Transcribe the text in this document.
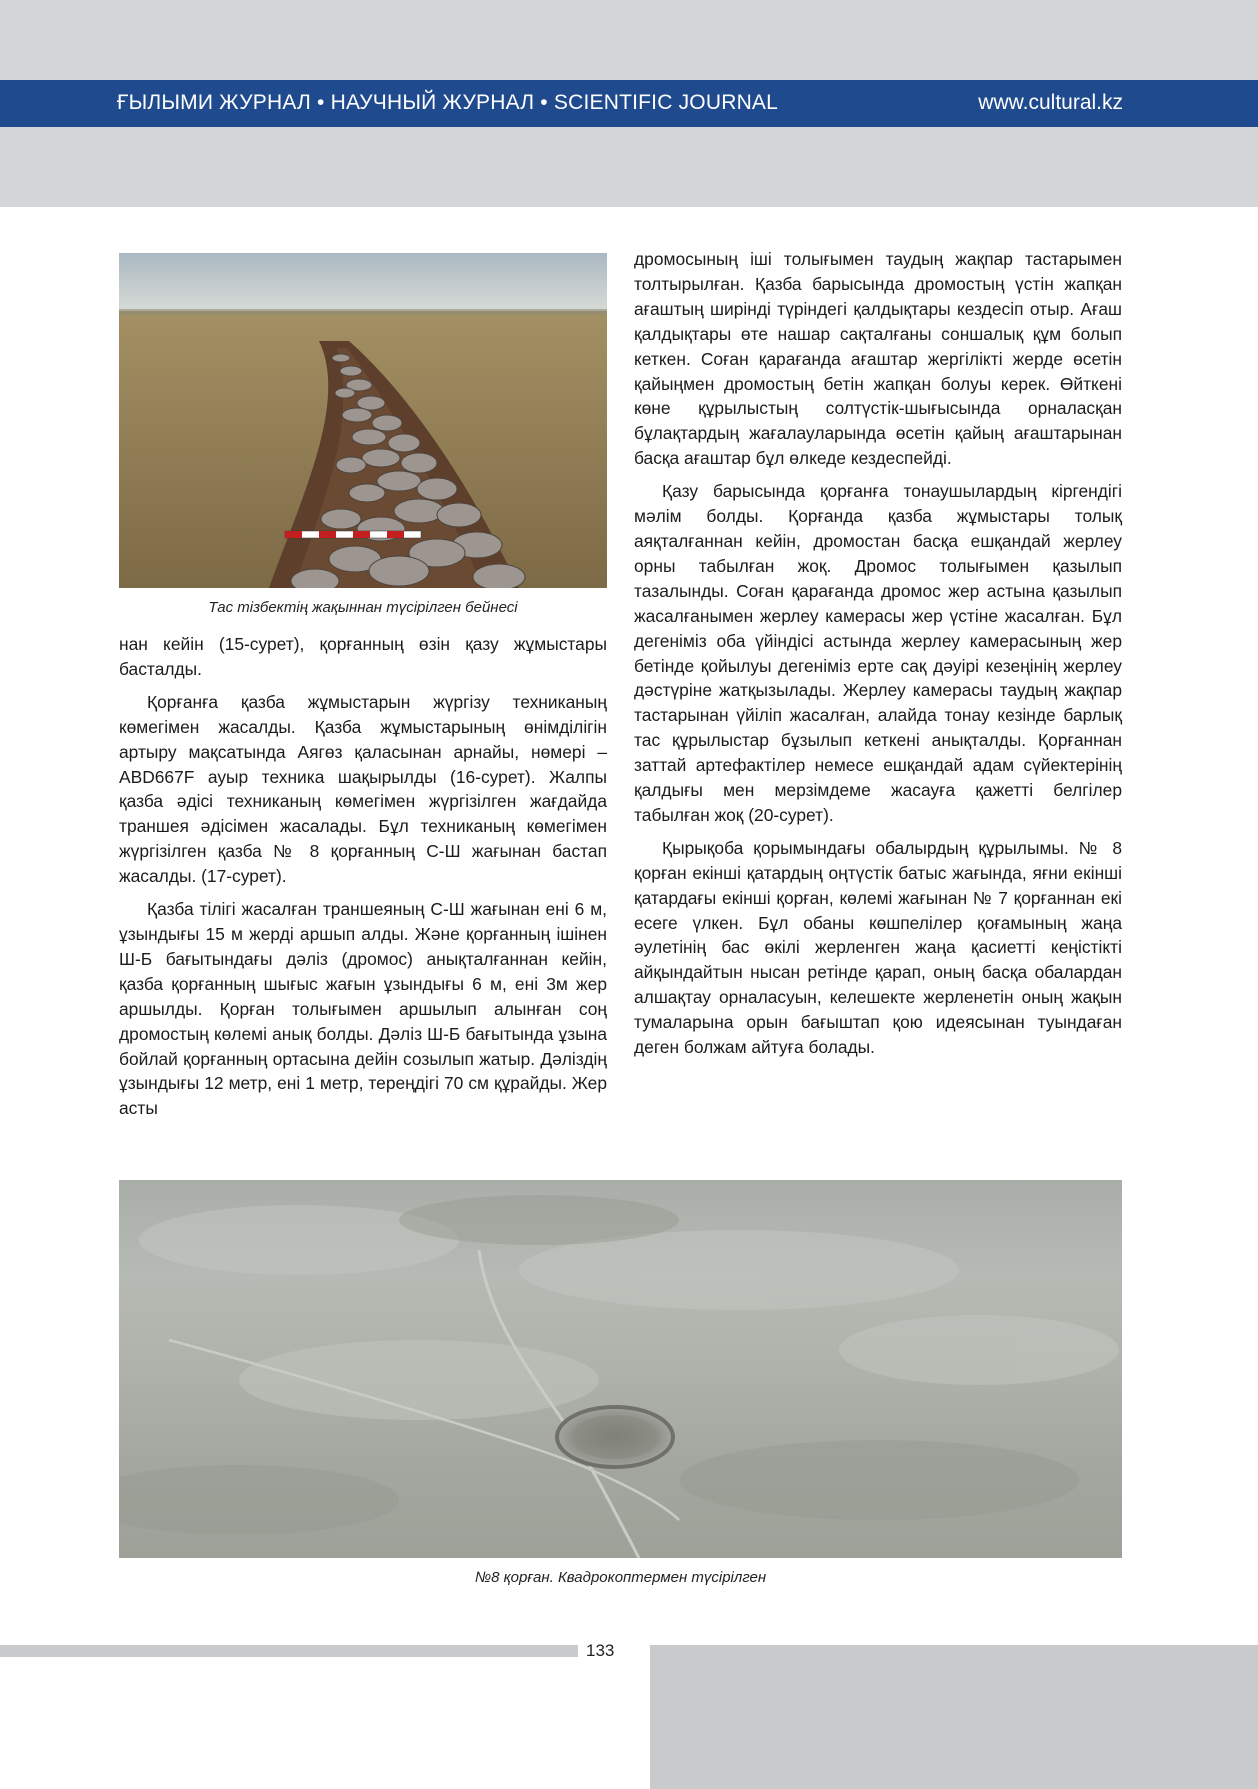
ҒЫЛЫМИ ЖУРНАЛ • НАУЧНЫЙ ЖУРНАЛ • SCIENTIFIC JOURNAL	www.cultural.kz
Тас тізбектің жақыннан түсірілген бейнесі

нан кейін (15-сурет), қорғанның өзін қазу жұмыстары басталды.

Қорғанға қазба жұмыстарын жүргізу техниканың көмегімен жасалды. Қазба жұмыстарының өнімділігін артыру мақсатында Аягөз қаласынан арнайы, нөмері – ABD667F ауыр техника шақырылды (16-сурет). Жалпы қазба әдісі техниканың көмегімен жүргізілген жағдайда траншея әдісімен жасалады. Бұл техниканың көмегімен жүргізілген қазба № 8 қорғанның С-Ш жағынан бастап жасалды. (17-сурет).

Қазба тілігі жасалған траншеяның С-Ш жағынан ені 6 м, ұзындығы 15 м жерді аршып алды. Және қорғанның ішінен Ш-Б бағытындағы дәліз (дромос) анықталғаннан кейін, қазба қорғанның шығыс жағын ұзындығы 6 м, ені 3м жер аршылды. Қорған толығымен аршылып алынған соң дромостың көлемі анық болды. Дәліз Ш-Б бағытында ұзына бойлай қорғанның ортасына дейін созылып жатыр. Дәліздің ұзындығы 12 метр, ені 1 метр, тереңдігі 70 см құрайды. Жер асты

дромосының іші толығымен таудың жақпар тастарымен толтырылған. Қазба барысында дромостың үстін жапқан ағаштың ширінді түріндегі қалдықтары кездесіп отыр. Ағаш қалдықтары өте нашар сақталғаны соншалық құм болып кеткен. Соған қарағанда ағаштар жергілікті жерде өсетін қайыңмен дромостың бетін жапқан болуы керек. Өйткені көне құрылыстың солтүстік-шығысында орналасқан бұлақтардың жағалауларында өсетін қайың ағаштарынан басқа ағаштар бұл өлкеде кездеспейді.

Қазу барысында қорғанға тонаушылардың кіргендігі мәлім болды. Қорғанда қазба жұмыстары толық аяқталғаннан кейін, дромостан басқа ешқандай жерлеу орны табылған жоқ. Дромос толығымен қазылып тазалынды. Соған қарағанда дромос жер астына қазылып жасалғанымен жерлеу камерасы жер үстіне жасалған. Бұл дегеніміз оба үйіндісі астында жерлеу камерасының жер бетінде қойылуы дегеніміз ерте сақ дәуірі кезеңінің жерлеу дәстүріне жатқызылады. Жерлеу камерасы таудың жақпар тастарынан үйіліп жасалған, алайда тонау кезінде барлық тас құрылыстар бұзылып кеткені анықталды. Қорғаннан заттай артефактілер немесе ешқандай адам сүйектерінің қалдығы мен мерзімдеме жасауға қажетті белгілер табылған жоқ (20-сурет).

Қырықоба қорымындағы обалырдың құрылымы. № 8 қорған екінші қатардың оңтүстік батыс жағында, яғни екінші қатардағы екінші қорған, көлемі жағынан № 7 қорғаннан екі есеге үлкен. Бұл обаны көшпелілер қоғамының жаңа әулетінің бас өкілі жерленген жаңа қасиетті кеңістікті айқындайтын нысан ретінде қарап, оның басқа обалардан алшақтау орналасуын, келешекте жерленетін оның жақын тумаларына орын бағыштап қою идеясынан туындаған деген болжам айтуға болады.

№8 қорған. Квадрокоптермен түсірілген
133
